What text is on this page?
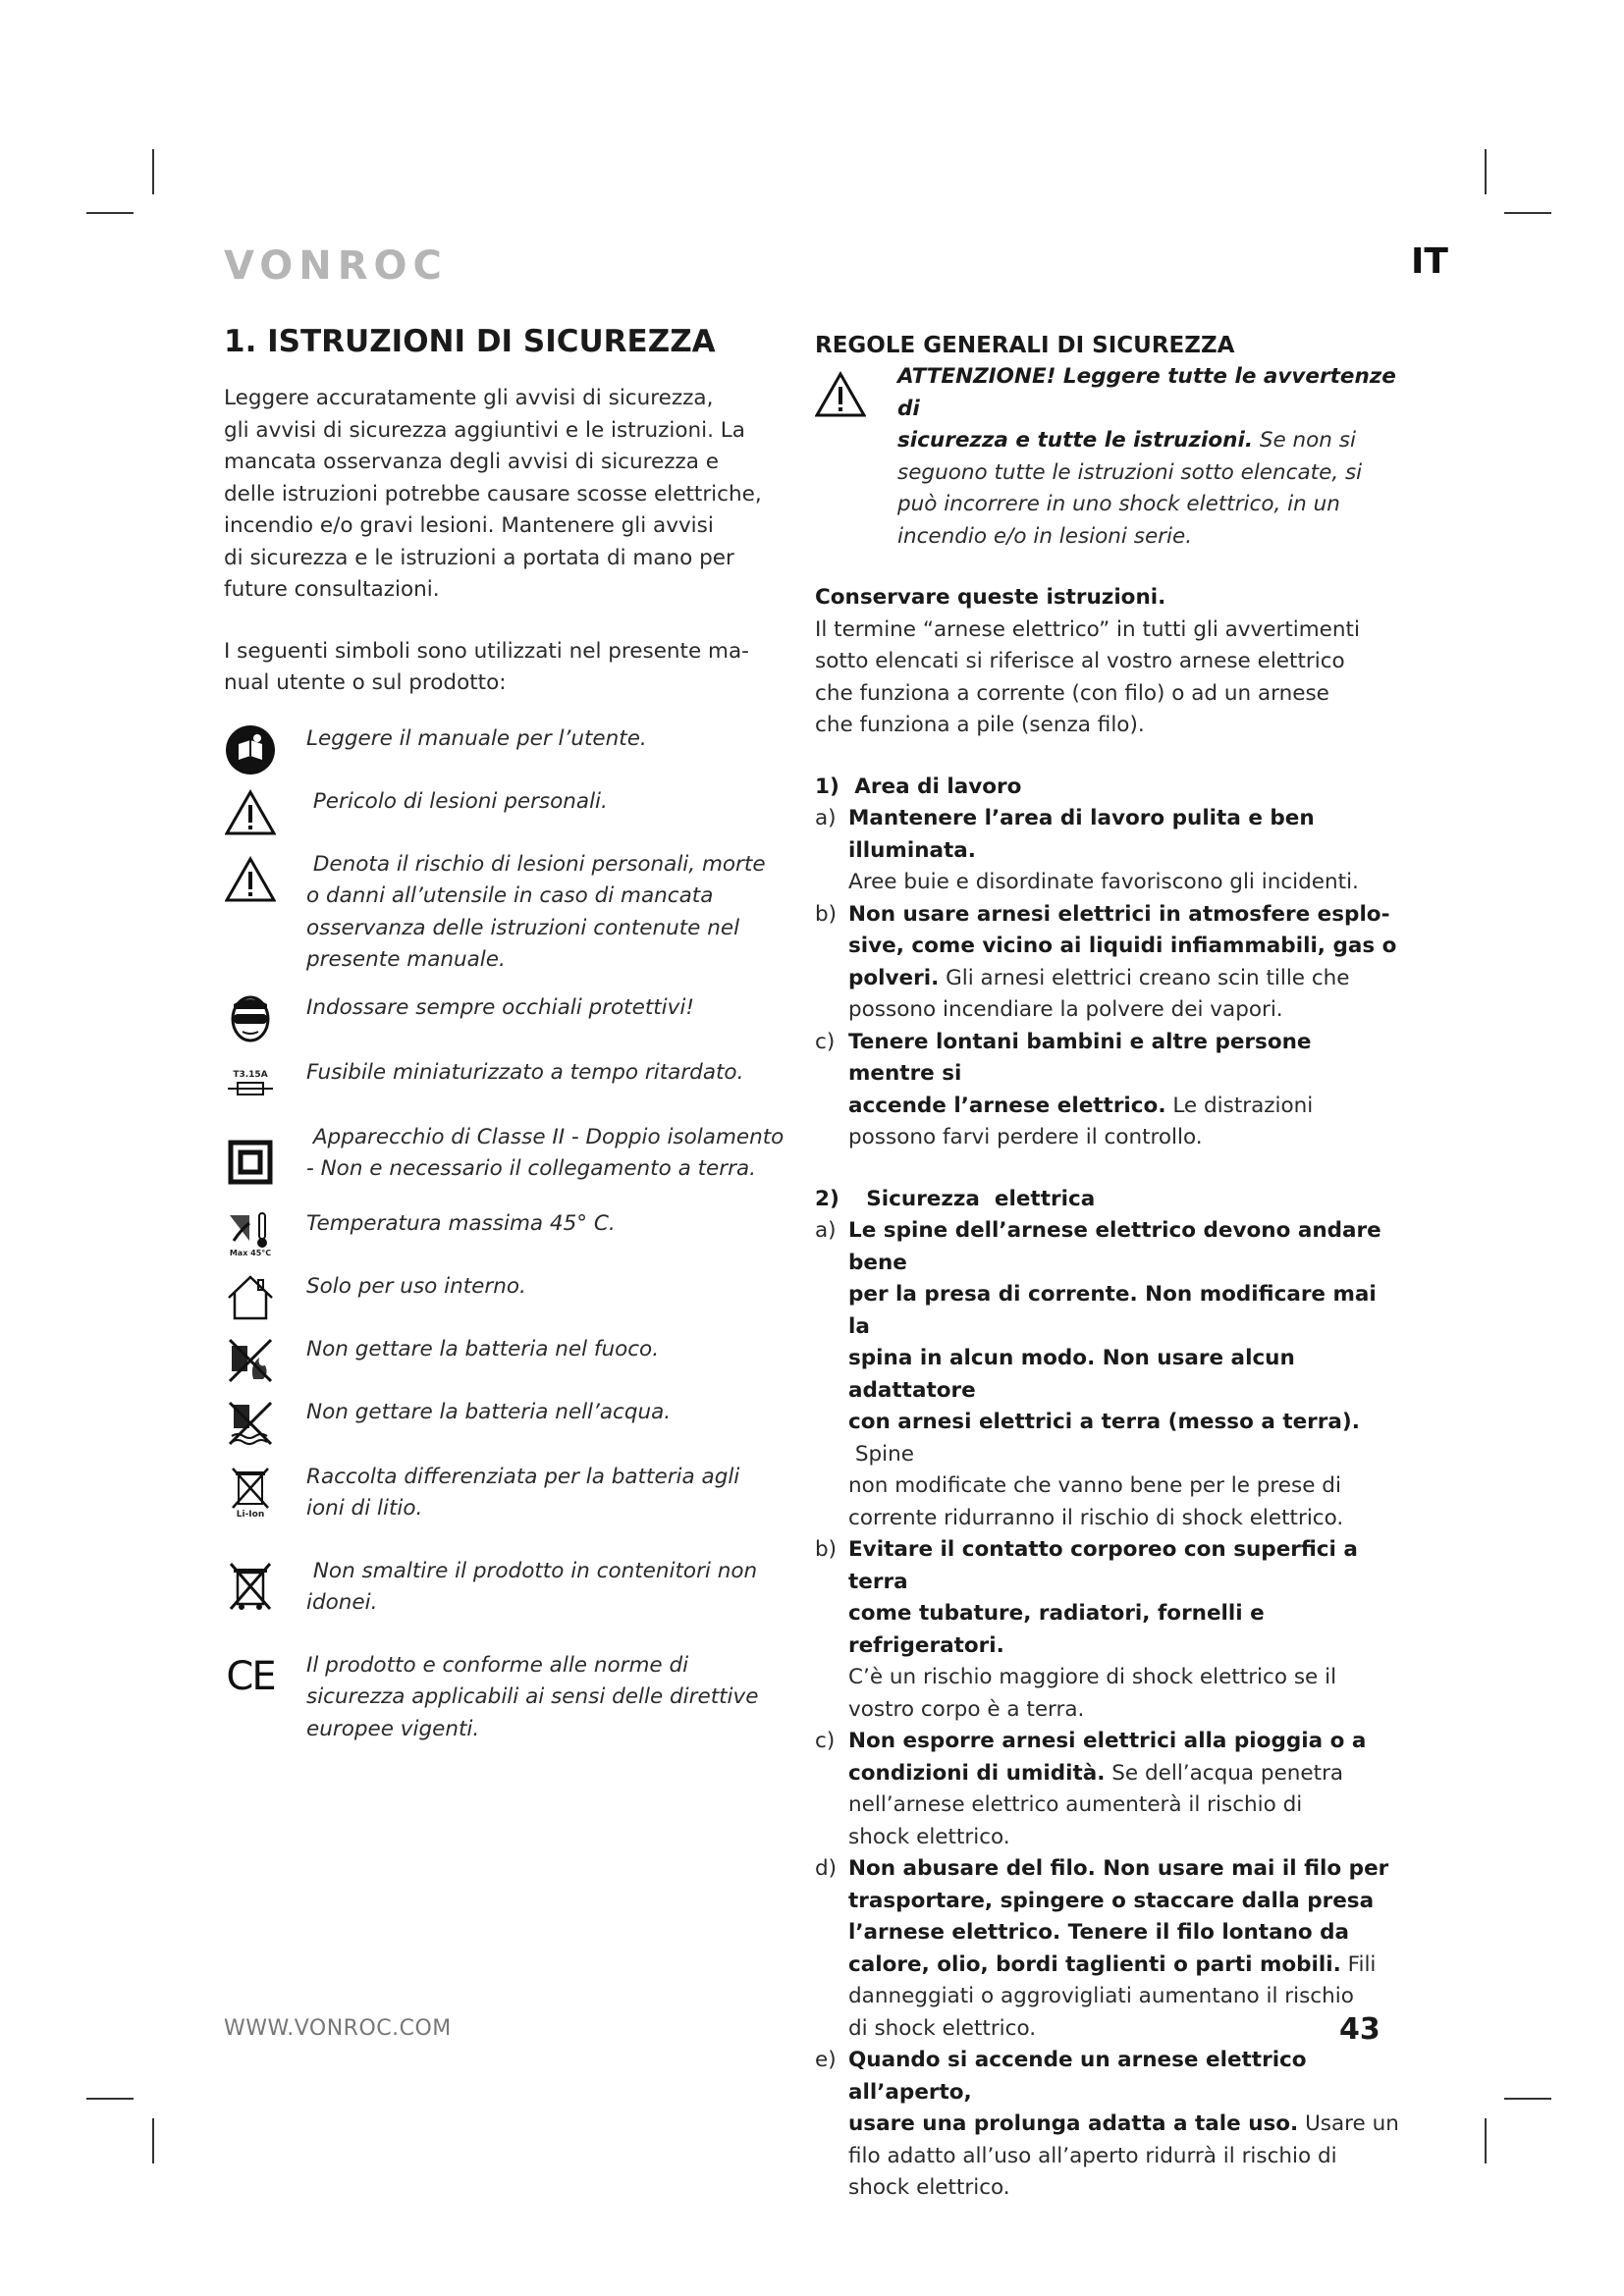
VONROC	IT
1. ISTRUZIONI DI SICUREZZA

Leggere accuratamente gli avvisi di sicurezza,

gli avvisi di sicurezza aggiuntivi e le istruzioni. La

mancata osservanza degli avvisi di sicurezza e

delle istruzioni potrebbe causare scosse elettriche,

incendio e/o gravi lesioni. Mantenere gli avvisi

di sicurezza e le istruzioni a portata di mano per

future consultazioni.

I seguenti simboli sono utilizzati nel presente ma-

nual utente o sul prodotto:

Leggere il manuale per l’utente.
Pericolo di lesioni personali.
Denota il rischio di lesioni personali, morte
o danni all’utensile in caso di mancata
osservanza delle istruzioni contenute nel
presente manuale.
Indossare sempre occhiali protettivi!
T3.15A	Fusibile miniaturizzato a tempo ritardato.
Apparecchio di Classe II - Doppio isolamento
- Non e necessario il collegamento a terra.
Max 45°C
Temperatura massima 45° C.
Solo per uso interno.
Non gettare la batteria nel fuoco.
Non gettare la batteria nell’acqua.
Li-Ion
Raccolta differenziata per la batteria agli
ioni di litio.
Non smaltire il prodotto in contenitori non
idonei.
CE Il prodotto e conforme alle norme di
sicurezza applicabili ai sensi delle direttive
europee vigenti.
REGOLE GENERALI DI SICUREZZA
ATTENZIONE! Leggere tutte le avvertenze di
sicurezza e tutte le istruzioni. Se non si
seguono tutte le istruzioni sotto elencate, si
può incorrere in uno shock elettrico, in un
incendio e/o in lesioni serie.

Conservare queste istruzioni.

Il termine “arnese elettrico” in tutti gli avvertimenti

sotto elencati si riferisce al vostro arnese elettrico

che funziona a corrente (con filo) o ad un arnese

che funziona a pile (senza filo).

1) Area di lavoro
a) Mantenere l’area di lavoro pulita e ben illuminata.
Aree buie e disordinate favoriscono gli incidenti.
b) Non usare arnesi elettrici in atmosfere esplo-
sive, come vicino ai liquidi infiammabili, gas o
polveri. Gli arnesi elettrici creano scin tille che
possono incendiare la polvere dei vapori.
c) Tenere lontani bambini e altre persone mentre si
accende l’arnese elettrico. Le distrazioni
possono farvi perdere il controllo.
2) Sicurezza  elettrica
a) Le spine dell’arnese elettrico devono andare bene
per la presa di corrente. Non modificare mai la
spina in alcun modo. Non usare alcun adattatore
con arnesi elettrici a terra (messo a terra). Spine
non modificate che vanno bene per le prese di
corrente ridurranno il rischio di shock elettrico.
b) Evitare il contatto corporeo con superfici a terra
come tubature, radiatori, fornelli e refrigeratori.
C’è un rischio maggiore di shock elettrico se il
vostro corpo è a terra.
c) Non esporre arnesi elettrici alla pioggia o a
condizioni di umidità. Se dell’acqua penetra
nell’arnese elettrico aumenterà il rischio di
shock elettrico.
d) Non abusare del filo. Non usare mai il filo per
trasportare, spingere o staccare dalla presa
l’arnese elettrico. Tenere il filo lontano da
calore, olio, bordi taglienti o parti mobili. Fili
danneggiati o aggrovigliati aumentano il rischio
di shock elettrico.
e) Quando si accende un arnese elettrico all’aperto,
usare una prolunga adatta a tale uso. Usare un
filo adatto all’uso all’aperto ridurrà il rischio di
shock elettrico.
WWW.VONROC.COM	43
